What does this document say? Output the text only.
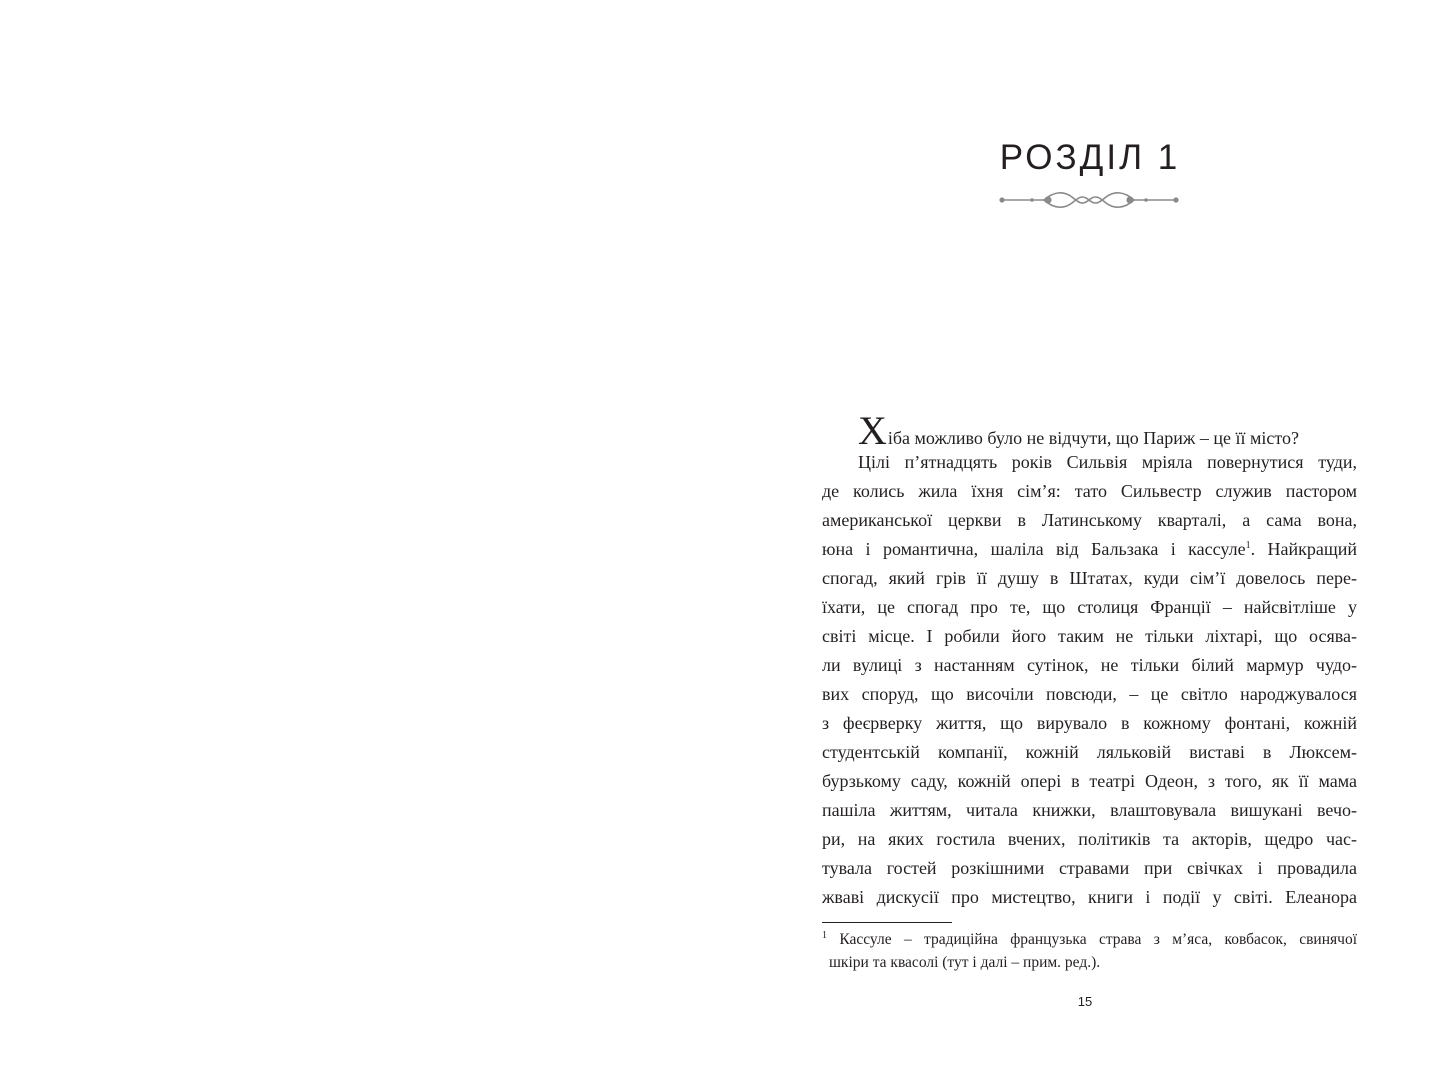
РОЗДІЛ 1
Хіба можливо було не відчути, що Париж – це її місто?
Цілі п’ятнадцять років Сильвія мріяла повернутися туди,
де колись жила їхня сім’я: тато Сильвестр служив пастором
американської церкви в Латинському кварталі, а сама вона,
юна і романтична, шаліла від Бальзака і кассуле$^1$. Найкращий
спогад, який грів її душу в Штатах, куди сім’ї довелось пере-
їхати, це спогад про те, що столиця Франції – найсвітліше у
світі місце. І робили його таким не тільки ліхтарі, що осява-
ли вулиці з настанням сутінок, не тільки білий мармур чудо-
вих споруд, що височіли повсюди, – це світло народжувалося
з феєрверку життя, що вирувало в кожному фонтані, кожній
студентській компанії, кожній ляльковій виставі в Люксем-
бурзькому саду, кожній опері в театрі Одеон, з того, як її мама
пашіла життям, читала книжки, влаштовувала вишукані вечо-
ри, на яких гостила вчених, політиків та акторів, щедро час-
тувала гостей розкішними стравами при свічках і провадила
жваві дискусії про мистецтво, книги і події у світі. Елеанора
$^1$ Кассуле – традиційна французька страва з м’яса, ковбасок, свинячої
шкіри та квасолі (тут і далі – прим. ред.).
15
